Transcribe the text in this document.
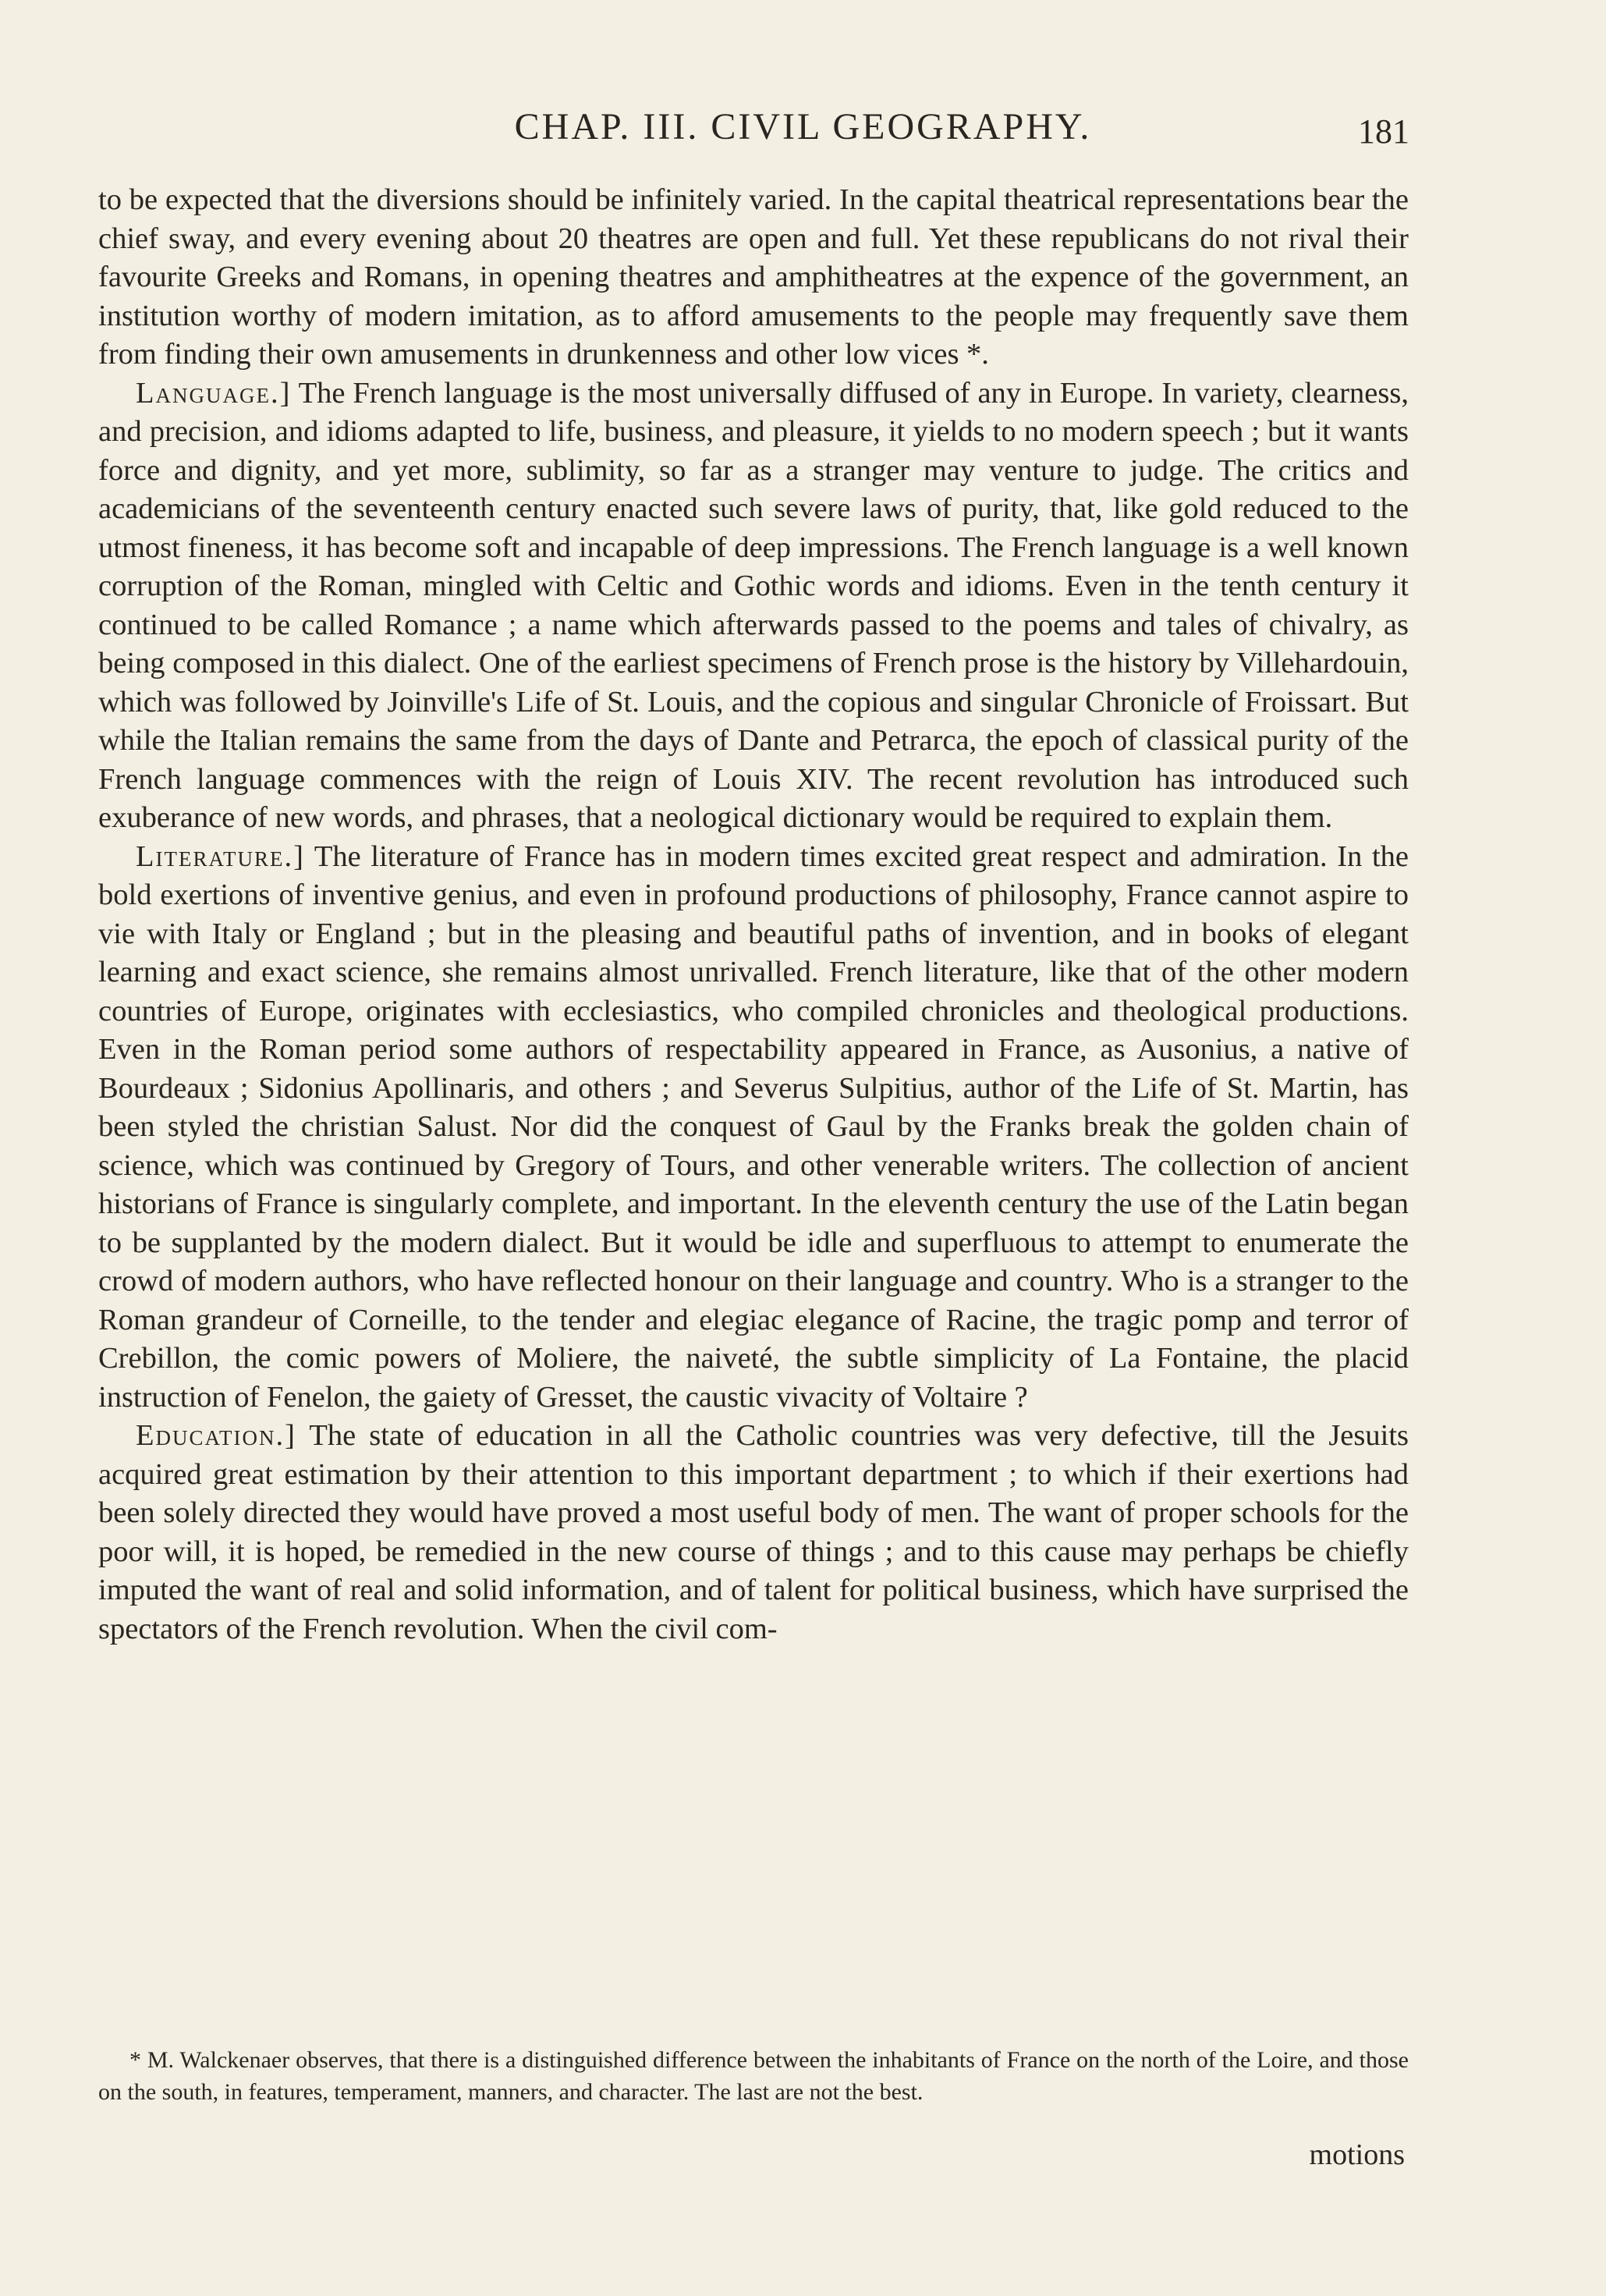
CHAP. III. CIVIL GEOGRAPHY.	181

to be expected that the diversions should be infinitely varied. In the capital theatrical representations bear the chief sway, and every evening about 20 theatres are open and full. Yet these republicans do not rival their favourite Greeks and Romans, in opening theatres and amphitheatres at the expence of the government, an institution worthy of modern imitation, as to afford amusements to the people may frequently save them from finding their own amusements in drunkenness and other low vices *.

Language.] The French language is the most universally diffused of any in Europe. In variety, clearness, and precision, and idioms adapted to life, business, and pleasure, it yields to no modern speech ; but it wants force and dignity, and yet more, sublimity, so far as a stranger may venture to judge. The critics and academicians of the seventeenth century enacted such severe laws of purity, that, like gold reduced to the utmost fineness, it has become soft and incapable of deep impressions. The French language is a well known corruption of the Roman, mingled with Celtic and Gothic words and idioms. Even in the tenth century it continued to be called Romance ; a name which afterwards passed to the poems and tales of chivalry, as being composed in this dialect. One of the earliest specimens of French prose is the history by Villehardouin, which was followed by Joinville's Life of St. Louis, and the copious and singular Chronicle of Froissart. But while the Italian remains the same from the days of Dante and Petrarca, the epoch of classical purity of the French language commences with the reign of Louis XIV. The recent revolution has introduced such exuberance of new words, and phrases, that a neological dictionary would be required to explain them.

Literature.] The literature of France has in modern times excited great respect and admiration. In the bold exertions of inventive genius, and even in profound productions of philosophy, France cannot aspire to vie with Italy or England ; but in the pleasing and beautiful paths of invention, and in books of elegant learning and exact science, she remains almost unrivalled. French literature, like that of the other modern countries of Europe, originates with ecclesiastics, who compiled chronicles and theological productions. Even in the Roman period some authors of respectability appeared in France, as Ausonius, a native of Bourdeaux ; Sidonius Apollinaris, and others ; and Severus Sulpitius, author of the Life of St. Martin, has been styled the christian Salust. Nor did the conquest of Gaul by the Franks break the golden chain of science, which was continued by Gregory of Tours, and other venerable writers. The collection of ancient historians of France is singularly complete, and important. In the eleventh century the use of the Latin began to be supplanted by the modern dialect. But it would be idle and superfluous to attempt to enumerate the crowd of modern authors, who have reflected honour on their language and country. Who is a stranger to the Roman grandeur of Corneille, to the tender and elegiac elegance of Racine, the tragic pomp and terror of Crebillon, the comic powers of Moliere, the naiveté, the subtle simplicity of La Fontaine, the placid instruction of Fenelon, the gaiety of Gresset, the caustic vivacity of Voltaire ?

Education.] The state of education in all the Catholic countries was very defective, till the Jesuits acquired great estimation by their attention to this important department ; to which if their exertions had been solely directed they would have proved a most useful body of men. The want of proper schools for the poor will, it is hoped, be remedied in the new course of things ; and to this cause may perhaps be chiefly imputed the want of real and solid information, and of talent for political business, which have surprised the spectators of the French revolution. When the civil com-

* M. Walckenaer observes, that there is a distinguished difference between the inhabitants of France on the north of the Loire, and those on the south, in features, temperament, manners, and character. The last are not the best.

motions
